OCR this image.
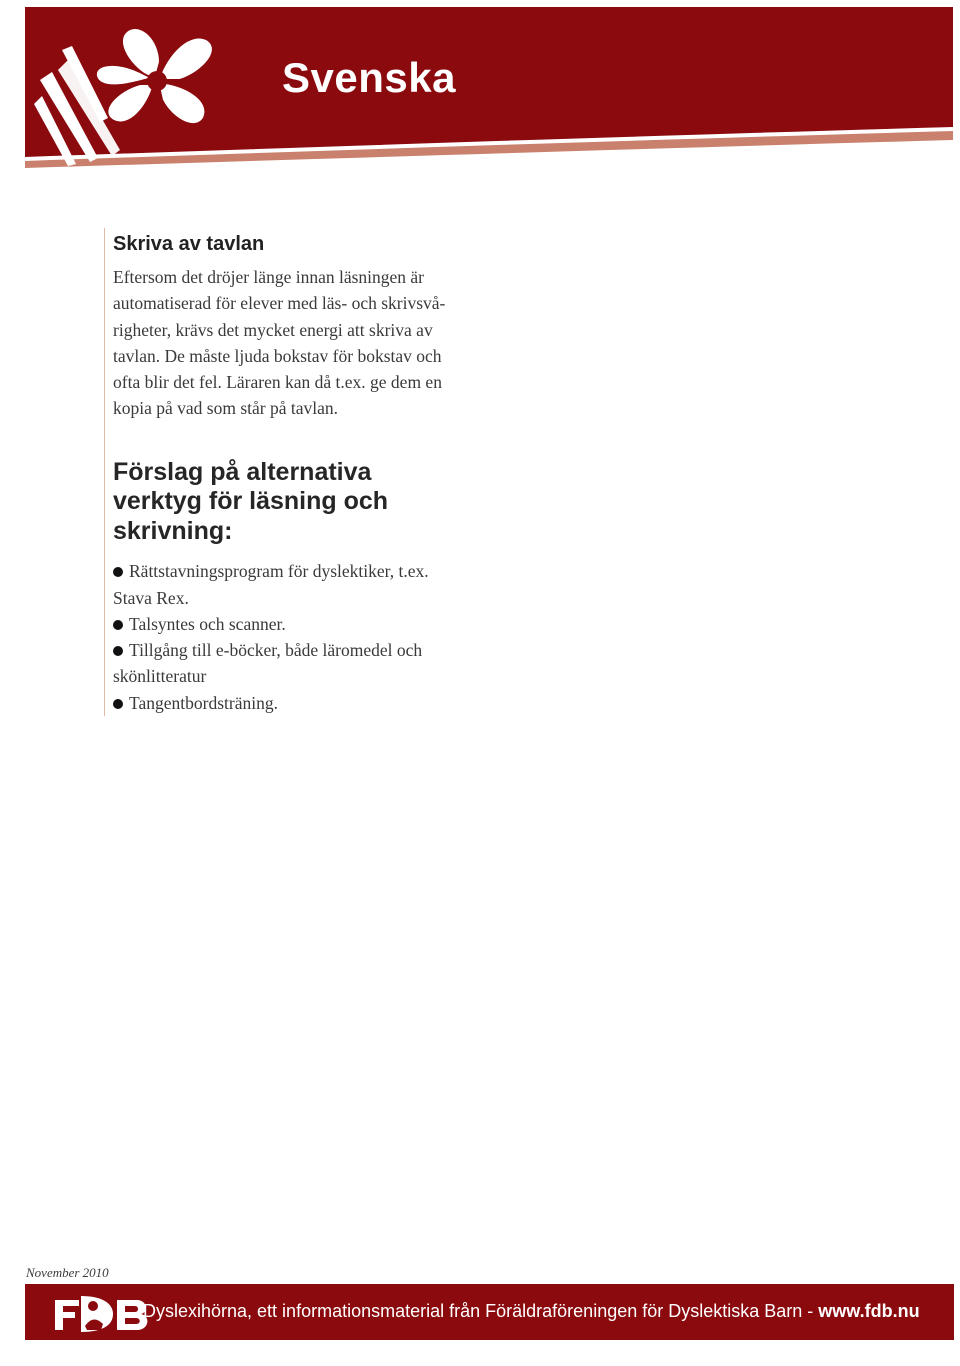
Svenska
Skriva av tavlan

Eftersom det dröjer länge innan läsningen är
automatiserad för elever med läs- och skrivsvå-
righeter, krävs det mycket energi att skriva av
tavlan. De måste ljuda bokstav för bokstav och
ofta blir det fel. Läraren kan då t.ex. ge dem en
kopia på vad som står på tavlan.

Förslag på alternativa
verktyg för läsning och
skrivning:
Rättstavningsprogram för dyslektiker, t.ex.
Stava Rex.
Talsyntes och scanner.
Tillgång till e-böcker, både läromedel och
skönlitteratur
Tangentbordsträning.
November 2010
Dyslexihörna, ett informationsmaterial från Föräldraföreningen för Dyslektiska Barn - www.fdb.nu
